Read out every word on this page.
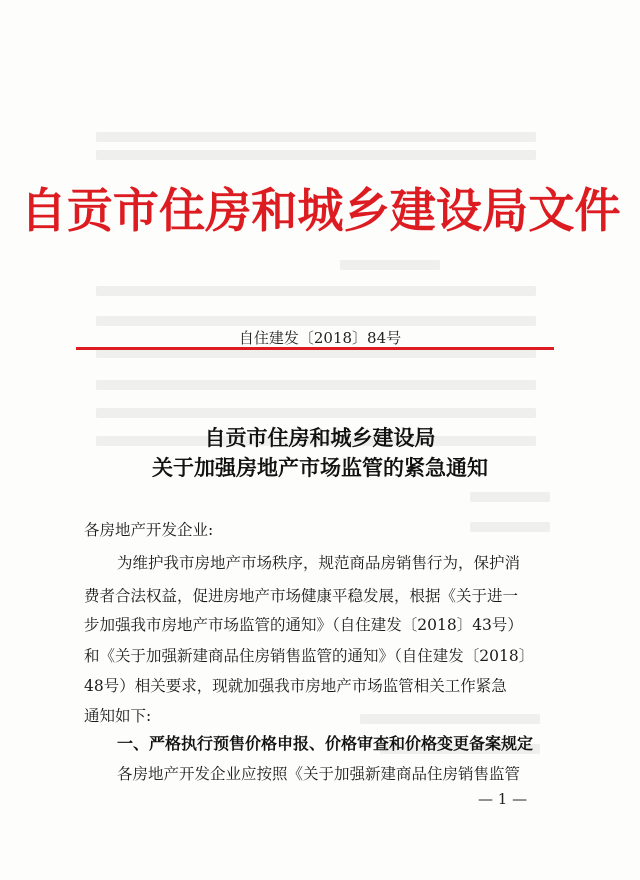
自贡市住房和城乡建设局文件
自住建发〔2018〕84号
自贡市住房和城乡建设局
关于加强房地产市场监管的紧急通知
各房地产开发企业:
为维护我市房地产市场秩序，规范商品房销售行为，保护消
费者合法权益，促进房地产市场健康平稳发展，根据《关于进一
步加强我市房地产市场监管的通知》（自住建发〔2018〕43号）
和《关于加强新建商品住房销售监管的通知》（自住建发〔2018〕
48号）相关要求，现就加强我市房地产市场监管相关工作紧急
通知如下:
一、严格执行预售价格申报、价格审查和价格变更备案规定
各房地产开发企业应按照《关于加强新建商品住房销售监管
— 1 —
